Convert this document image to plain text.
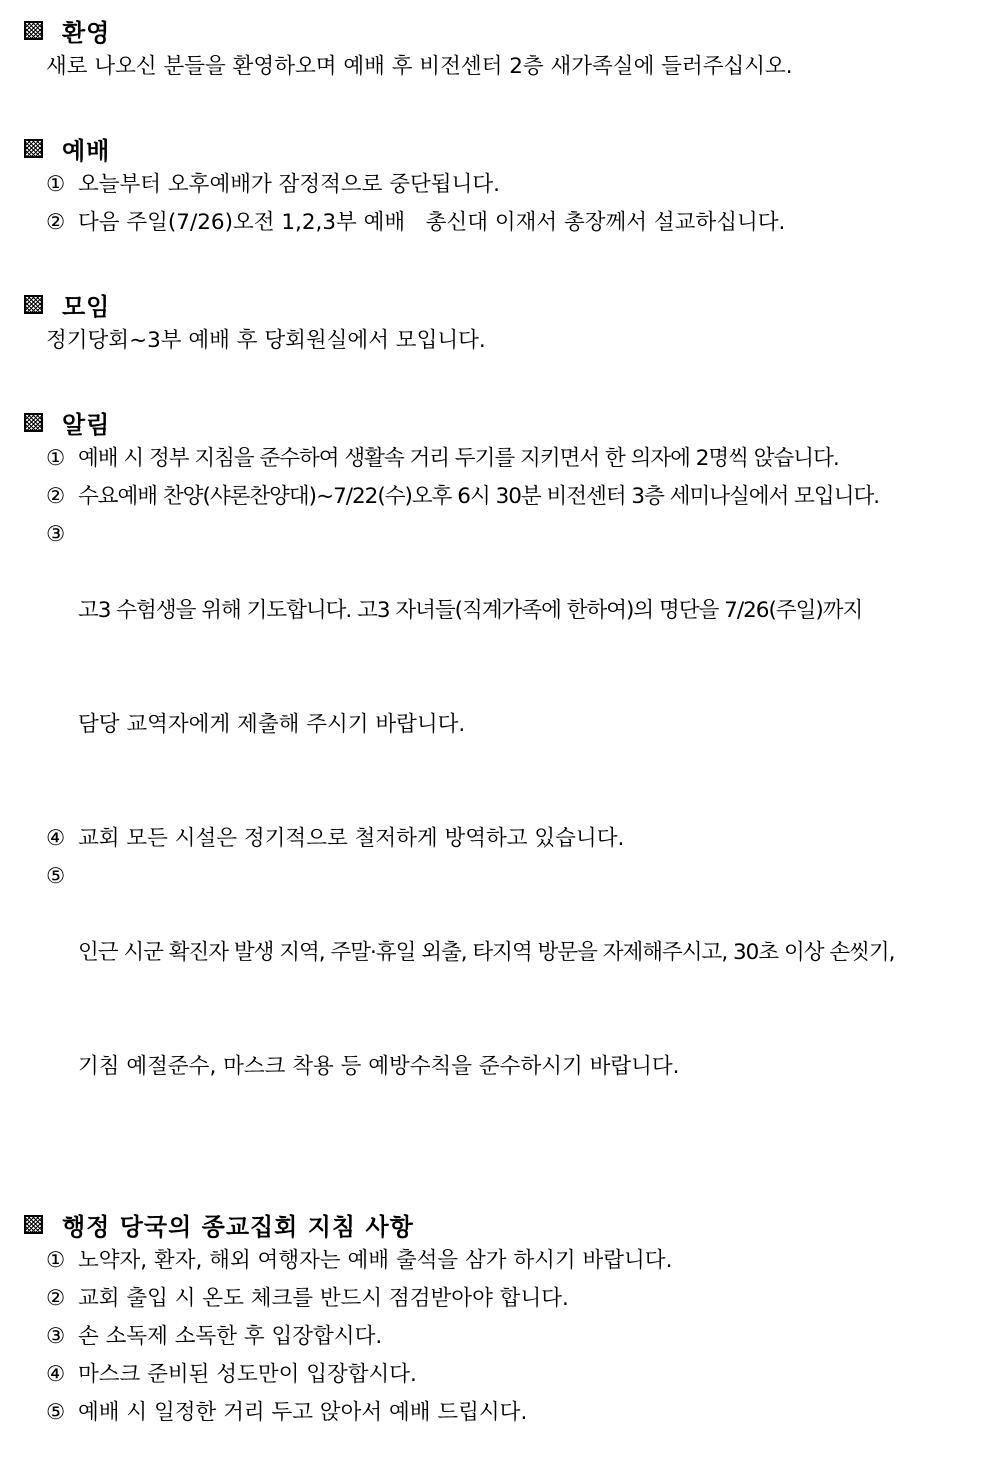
환영
새로 나오신 분들을 환영하오며 예배 후 비전센터 2층 새가족실에 들러주십시오.
예배
① 오늘부터 오후예배가 잠정적으로 중단됩니다.
② 다음 주일(7/26)오전 1,2,3부 예배   총신대 이재서 총장께서 설교하십니다.
모임
정기당회~3부 예배 후 당회원실에서 모입니다.
알림
① 예배 시 정부 지침을 준수하여 생활속 거리 두기를 지키면서 한 의자에 2명씩 앉습니다.
② 수요예배 찬양(샤론찬양대)~7/22(수)오후 6시 30분 비전센터 3층 세미나실에서 모입니다.
③

고3 수험생을 위해 기도합니다. 고3 자녀들(직계가족에 한하여)의 명단을 7/26(주일)까지

담당 교역자에게 제출해 주시기 바랍니다.

④ 교회 모든 시설은 정기적으로 철저하게 방역하고 있습니다.
⑤

인근 시군 확진자 발생 지역, 주말·휴일 외출, 타지역 방문을 자제해주시고, 30초 이상 손씻기,

기침 예절준수, 마스크 착용 등 예방수칙을 준수하시기 바랍니다.

행정 당국의 종교집회 지침 사항
① 노약자, 환자, 해외 여행자는 예배 출석을 삼가 하시기 바랍니다.
② 교회 출입 시 온도 체크를 반드시 점검받아야 합니다.
③ 손 소독제 소독한 후 입장합시다.
④ 마스크 준비된 성도만이 입장합시다.
⑤ 예배 시 일정한 거리 두고 앉아서 예배 드립시다.
